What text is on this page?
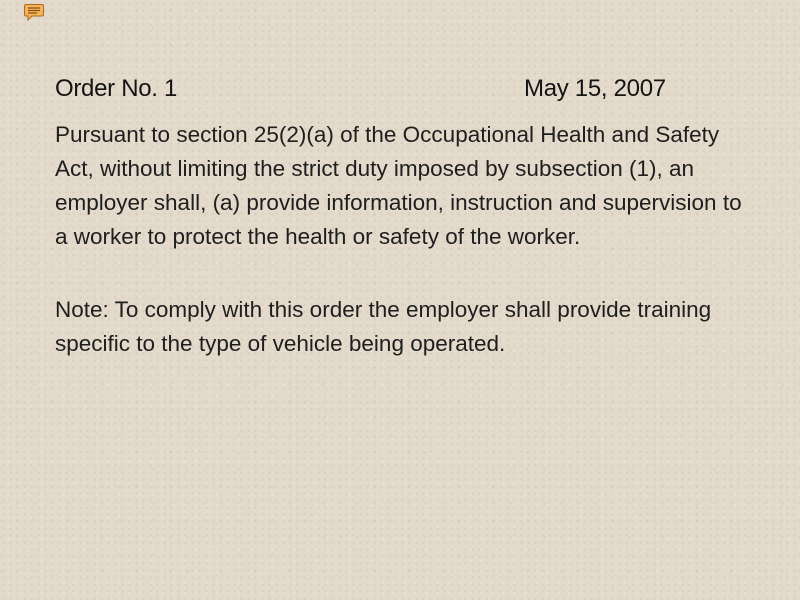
Order No. 1	May 15, 2007

Pursuant to section 25(2)(a) of the Occupational Health and Safety Act, without limiting the strict duty imposed by subsection (1), an employer shall, (a) provide information, instruction and supervision to a worker to protect the health or safety of the worker.

Note: To comply with this order the employer shall provide training specific to the type of vehicle being operated.
